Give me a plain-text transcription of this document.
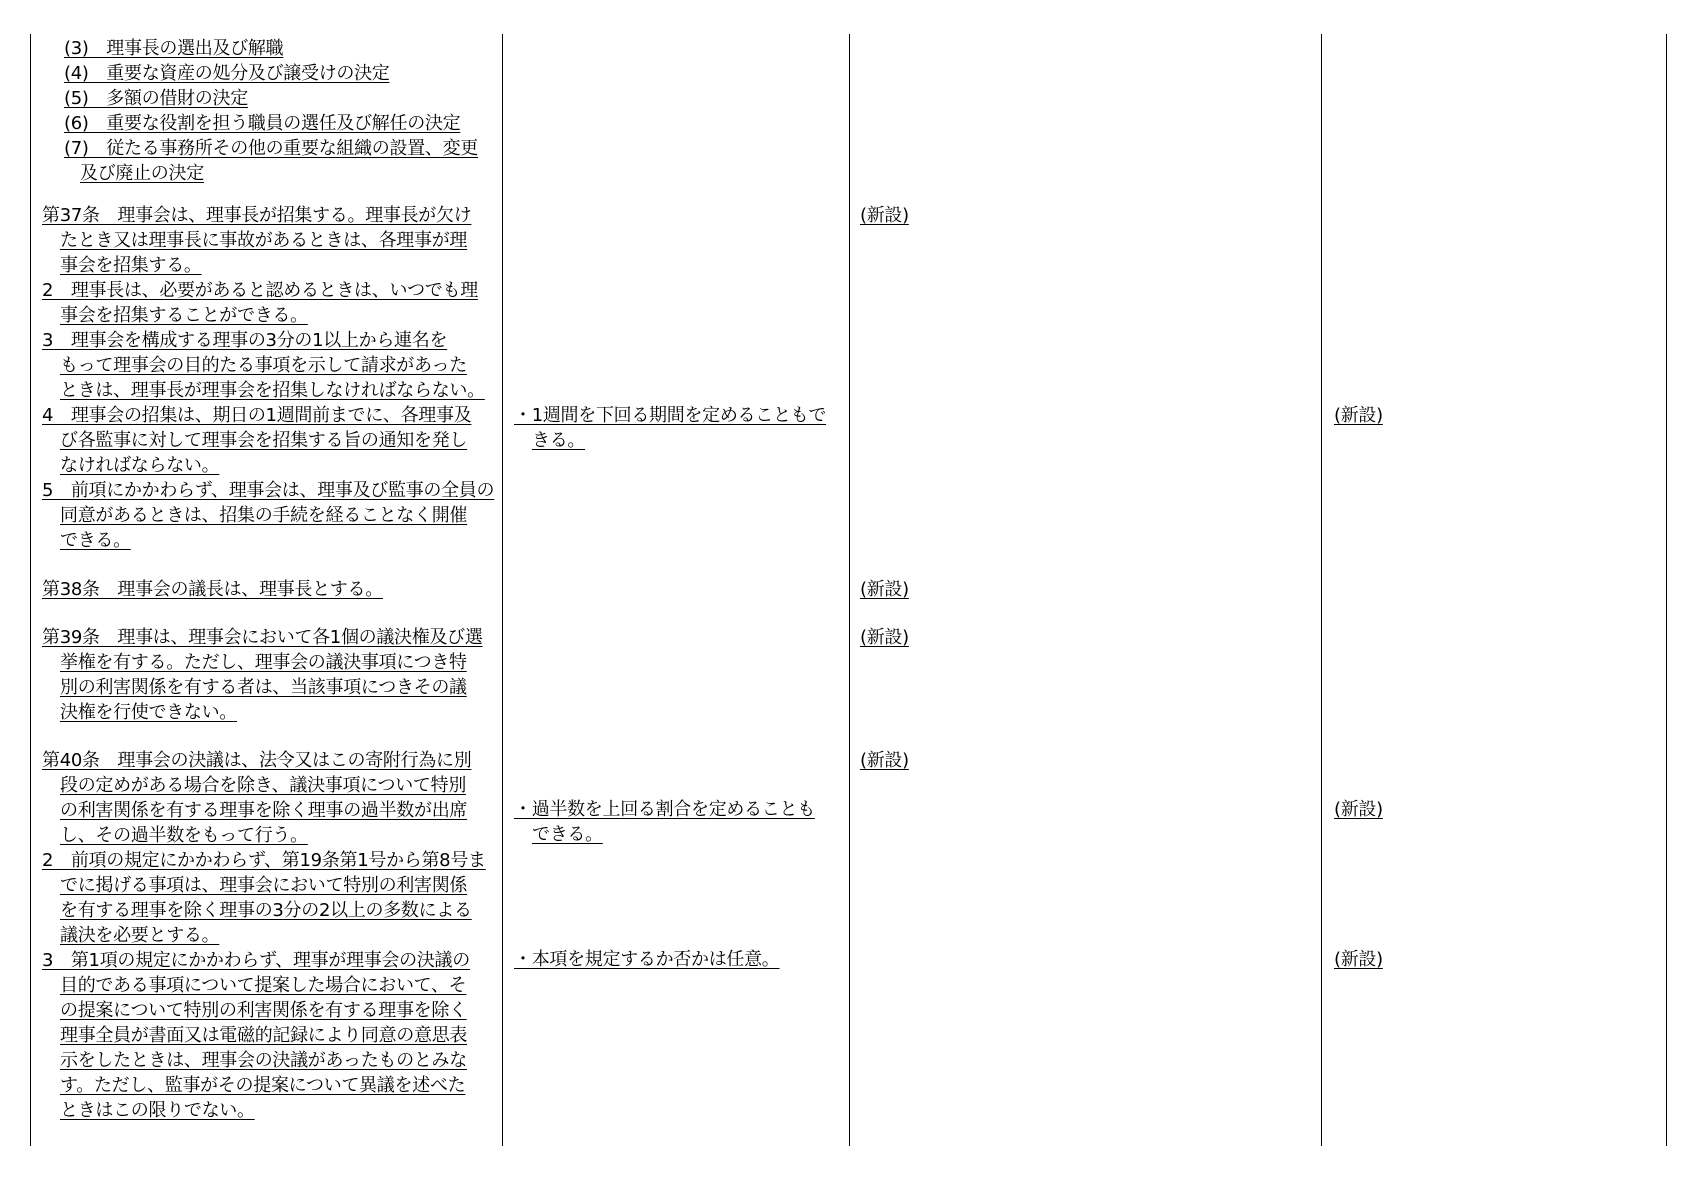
(3)　理事長の選出及び解職
(4)　重要な資産の処分及び譲受けの決定
(5)　多額の借財の決定
(6)　重要な役割を担う職員の選任及び解任の決定
(7)　従たる事務所その他の重要な組織の設置、変更
及び廃止の決定
第37条　理事会は、理事長が招集する。理事長が欠け
たとき又は理事長に事故があるときは、各理事が理
事会を招集する。
2　理事長は、必要があると認めるときは、いつでも理
事会を招集することができる。
3　理事会を構成する理事の3分の1以上から連名を
もって理事会の目的たる事項を示して請求があった
ときは、理事長が理事会を招集しなければならない。
4　理事会の招集は、期日の1週間前までに、各理事及
び各監事に対して理事会を招集する旨の通知を発し
なければならない。
5　前項にかかわらず、理事会は、理事及び監事の全員の
同意があるときは、招集の手続を経ることなく開催
できる。
第38条　理事会の議長は、理事長とする。
第39条　理事は、理事会において各1個の議決権及び選
挙権を有する。ただし、理事会の議決事項につき特
別の利害関係を有する者は、当該事項につきその議
決権を行使できない。
第40条　理事会の決議は、法令又はこの寄附行為に別
段の定めがある場合を除き、議決事項について特別
の利害関係を有する理事を除く理事の過半数が出席
し、その過半数をもって行う。
2　前項の規定にかかわらず、第19条第1号から第8号ま
でに掲げる事項は、理事会において特別の利害関係
を有する理事を除く理事の3分の2以上の多数による
議決を必要とする。
3　第1項の規定にかかわらず、理事が理事会の決議の
目的である事項について提案した場合において、そ
の提案について特別の利害関係を有する理事を除く
理事全員が書面又は電磁的記録により同意の意思表
示をしたときは、理事会の決議があったものとみな
す。ただし、監事がその提案について異議を述べた
ときはこの限りでない。
・1週間を下回る期間を定めることもで
きる。
・過半数を上回る割合を定めることも
できる。
・本項を規定するか否かは任意。
(新設)
(新設)
(新設)
(新設)
(新設)
(新設)
(新設)
